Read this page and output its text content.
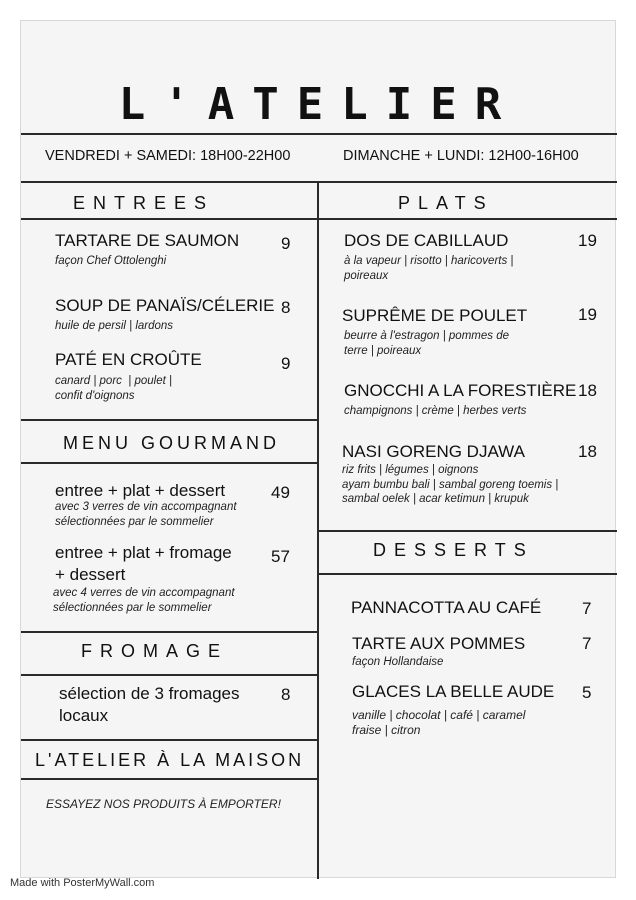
L'ATELIER
VENDREDI + SAMEDI: 18H00-22H00	DIMANCHE + LUNDI: 12H00-16H00
ENTREES
TARTARE DE SAUMON 9
façon Chef Ottolenghi
SOUP DE PANAÏS/CÉLERIE 8
huile de persil | lardons
PATÉ EN CROÛTE	9
canard | porc  | poulet |
confit d'oignons
MENU GOURMAND
entree + plat + dessert	49
avec 3 verres de vin accompagnant
sélectionnées par le sommelier
entree + plat + fromage
+ dessert
57
avec 4 verres de vin accompagnant
sélectionnées par le sommelier
FROMAGE
sélection de 3 fromages
locaux
8
L'ATELIER À LA MAISON
ESSAYEZ NOS PRODUITS À EMPORTER!
PLATS
DOS DE CABILLAUD	19
à la vapeur | risotto | haricoverts |
poireaux
SUPRÊME DE POULET	19
beurre à l'estragon | pommes de
terre | poireaux
GNOCCHI A LA FORESTIÈRE 18
champignons | crème | herbes verts
NASI GORENG DJAWA	18
riz frits | légumes | oignons
ayam bumbu bali | sambal goreng toemis |
sambal oelek | acar ketimun | krupuk
DESSERTS
PANNACOTTA AU CAFÉ 7
TARTE AUX POMMES	7
façon Hollandaise
GLACES LA BELLE AUDE 5
vanille | chocolat | café | caramel
fraise | citron
Made with PosterMyWall.com
